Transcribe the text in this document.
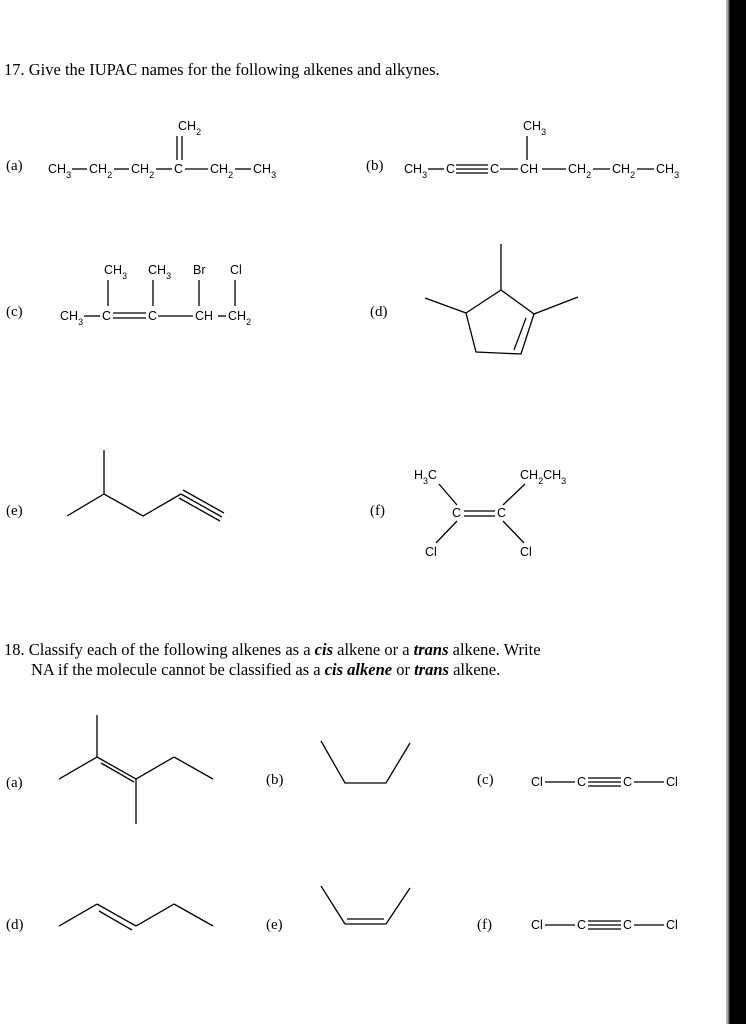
17. Give the IUPAC names for the following alkenes and alkynes.
(a)	(b)
(c)	(d)
(e)	(f)
18. Classify each of the following alkenes as a cis alkene or a trans alkene. Write
NA if the molecule cannot be classified as a cis alkene or trans alkene.
(a)	(b)	(c)
(d)	(e)	(f)
$CH_3$ $CH_2$ $CH_2$ C $CH_2$ $CH_3$
$CH_2$
$CH_3$ C	C CH $CH_2$ $CH_2$ $CH_3$
$CH_3$
$CH_3$ C	C	CH $CH_2$
$CH_3$ $CH_3$ Br Cl
$H_3C$	$CH_2CH_3$
C	C
Cl	Cl
Cl	C	C	Cl
Cl	C	C	Cl
